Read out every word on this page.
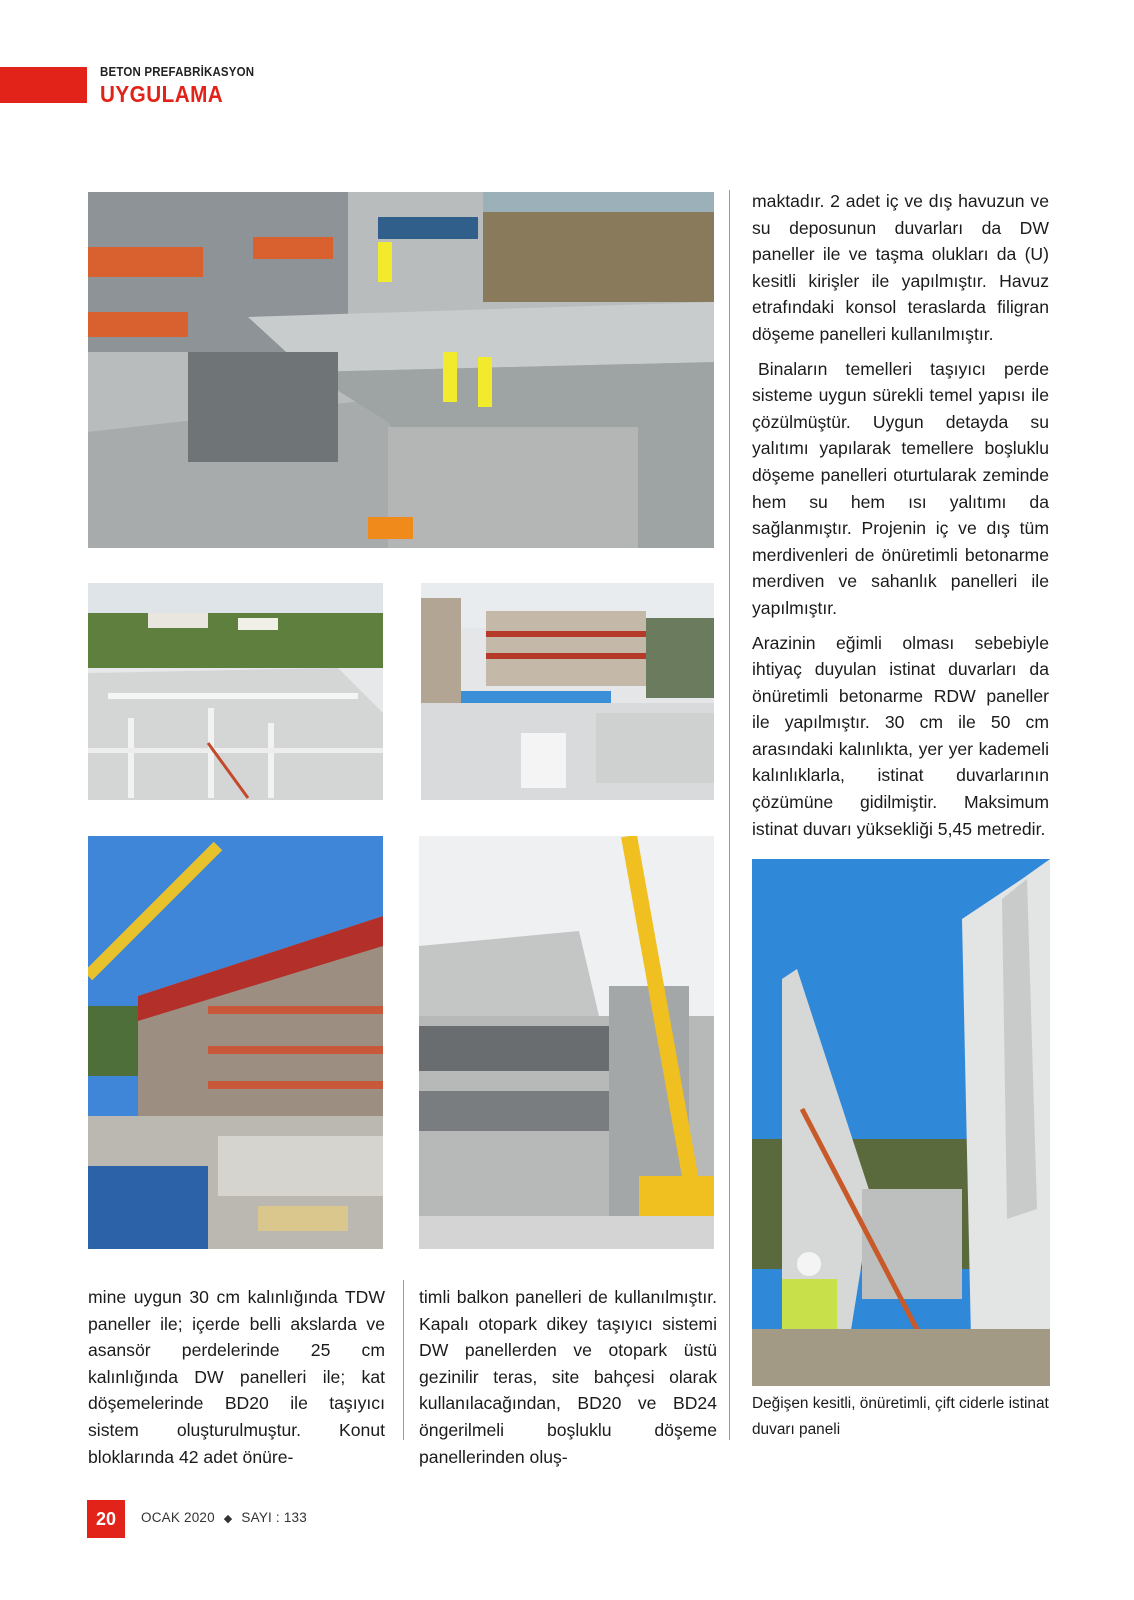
BETON PREFABRİKASYON
UYGULAMA

maktadır. 2 adet iç ve dış havuzun ve su deposunun duvarları da DW paneller ile ve taşma olukları da (U) kesitli kirişler ile yapılmıştır. Havuz etrafındaki konsol teraslarda filigran döşeme panelleri kullanılmıştır.

Binaların temelleri taşıyıcı perde sisteme uygun sürekli temel yapısı ile çözülmüştür. Uygun detayda su yalıtımı yapılarak temellere boşluklu döşeme panelleri oturtularak zeminde hem su hem ısı yalıtımı da sağlanmıştır. Projenin iç ve dış tüm merdivenleri de önüretimli betonarme merdiven ve sahanlık panelleri ile yapılmıştır.

Arazinin eğimli olması sebebiyle ihtiyaç duyulan istinat duvarları da önüretimli betonarme RDW paneller ile yapılmıştır. 30 cm ile 50 cm arasındaki kalınlıkta, yer yer kademeli kalınlıklarla, istinat duvarlarının çözümüne gidilmiştir. Maksimum istinat duvarı yüksekliği 5,45 metredir.

mine uygun 30 cm kalınlığında TDW paneller ile; içerde belli akslarda ve asansör perdelerinde 25 cm kalınlığında DW panelleri ile; kat döşemelerinde BD20 ile taşıyıcı sistem oluşturulmuştur. Konut bloklarında 42 adet önüre-
timli balkon panelleri de kullanılmıştır. Kapalı otopark dikey taşıyıcı sistemi DW panellerden ve otopark üstü gezinilir teras, site bahçesi olarak kullanılacağından, BD20 ve BD24 öngerilmeli boşluklu döşeme panellerinden oluş-
Değişen kesitli, önüretimli, çift ciderle istinat duvarı paneli
20	OCAK 2020 ◆ SAYI : 133
